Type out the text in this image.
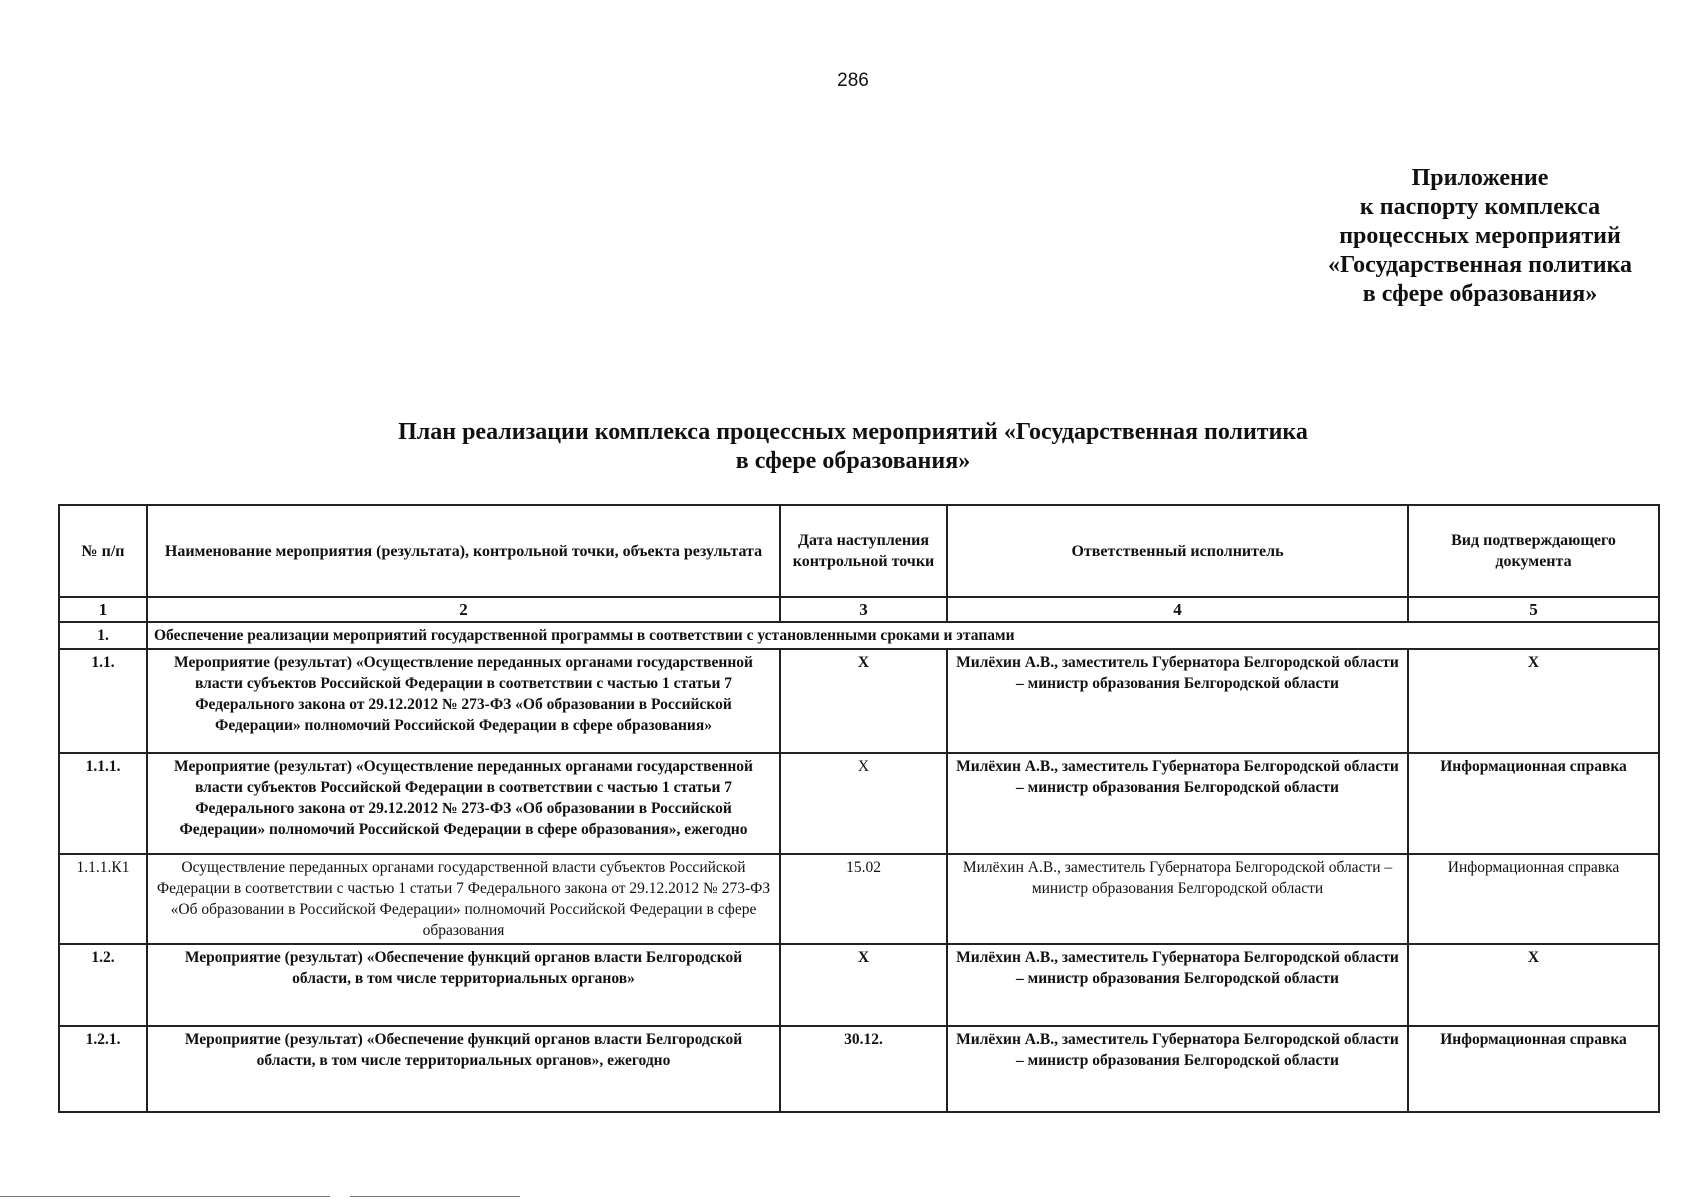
286
Приложение
к паспорту комплекса
процессных мероприятий
«Государственная политика
в сфере образования»
План реализации комплекса процессных мероприятий «Государственная политика
в сфере образования»
№ п/п	Наименование мероприятия (результата), контрольной точки, объекта результата	Дата наступления контрольной точки	Ответственный исполнитель	Вид подтверждающего документа
1	2	3	4	5
1.	Обеспечение реализации мероприятий государственной программы в соответствии с установленными сроками и этапами			
1.1.	Мероприятие (результат) «Осуществление переданных органами государственной власти субъектов Российской Федерации в соответствии с частью 1 статьи 7 Федерального закона от 29.12.2012 № 273-ФЗ «Об образовании в Российской Федерации» полномочий Российской Федерации в сфере образования»	X	Милёхин А.В., заместитель Губернатора Белгородской области – министр образования Белгородской области	X
1.1.1.	Мероприятие (результат) «Осуществление переданных органами государственной власти субъектов Российской Федерации в соответствии с частью 1 статьи 7 Федерального закона от 29.12.2012 № 273-ФЗ «Об образовании в Российской Федерации» полномочий Российской Федерации в сфере образования», ежегодно	X	Милёхин А.В., заместитель Губернатора Белгородской области – министр образования Белгородской области	Информационная справка
1.1.1.К1	Осуществление переданных органами государственной власти субъектов Российской Федерации в соответствии с частью 1 статьи 7 Федерального закона от 29.12.2012 № 273-ФЗ «Об образовании в Российской Федерации» полномочий Российской Федерации в сфере образования	15.02	Милёхин А.В., заместитель Губернатора Белгородской области – министр образования Белгородской области	Информационная справка
1.2.	Мероприятие (результат) «Обеспечение функций органов власти Белгородской области, в том числе территориальных органов»	X	Милёхин А.В., заместитель Губернатора Белгородской области – министр образования Белгородской области	X
1.2.1.	Мероприятие (результат) «Обеспечение функций органов власти Белгородской области, в том числе территориальных органов», ежегодно	30.12.	Милёхин А.В., заместитель Губернатора Белгородской области – министр образования Белгородской области	Информационная справка
